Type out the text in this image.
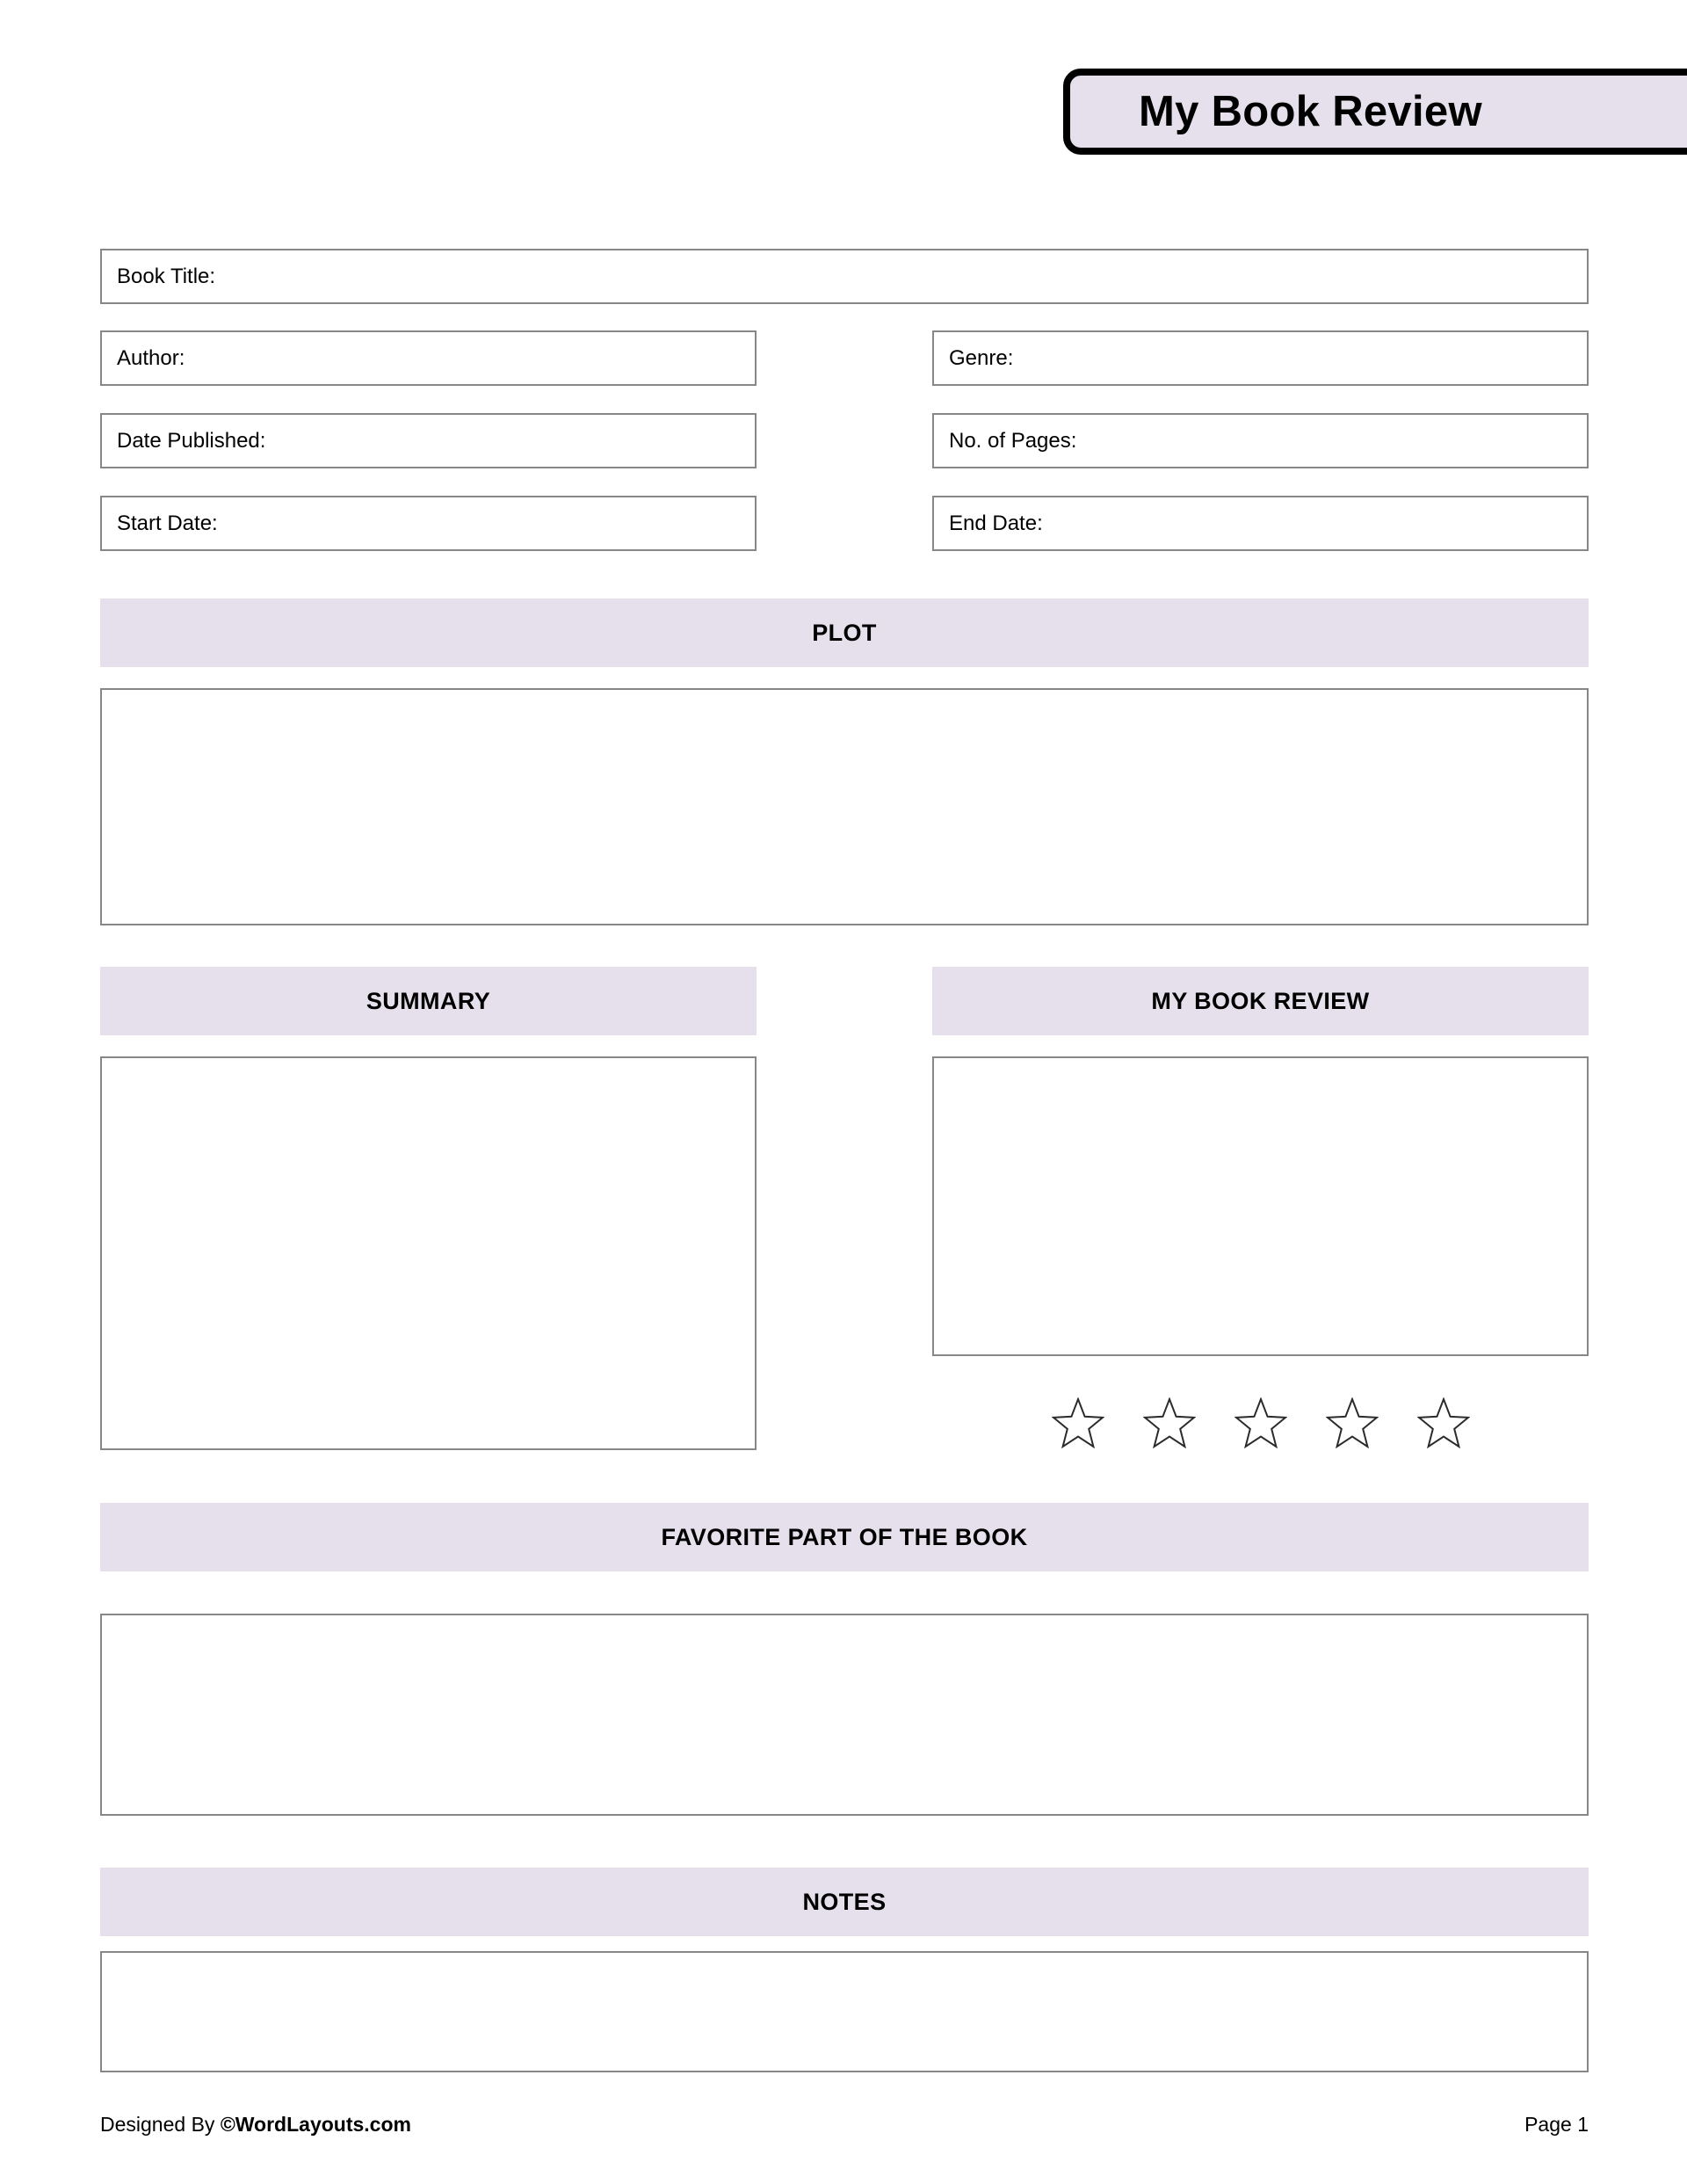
My Book Review
Book Title:
Author:	Genre:
Date Published:	No. of Pages:
Start Date:	End Date:
PLOT
SUMMARY	MY BOOK REVIEW
FAVORITE PART OF THE BOOK
NOTES
Designed By ©WordLayouts.com	Page 1
